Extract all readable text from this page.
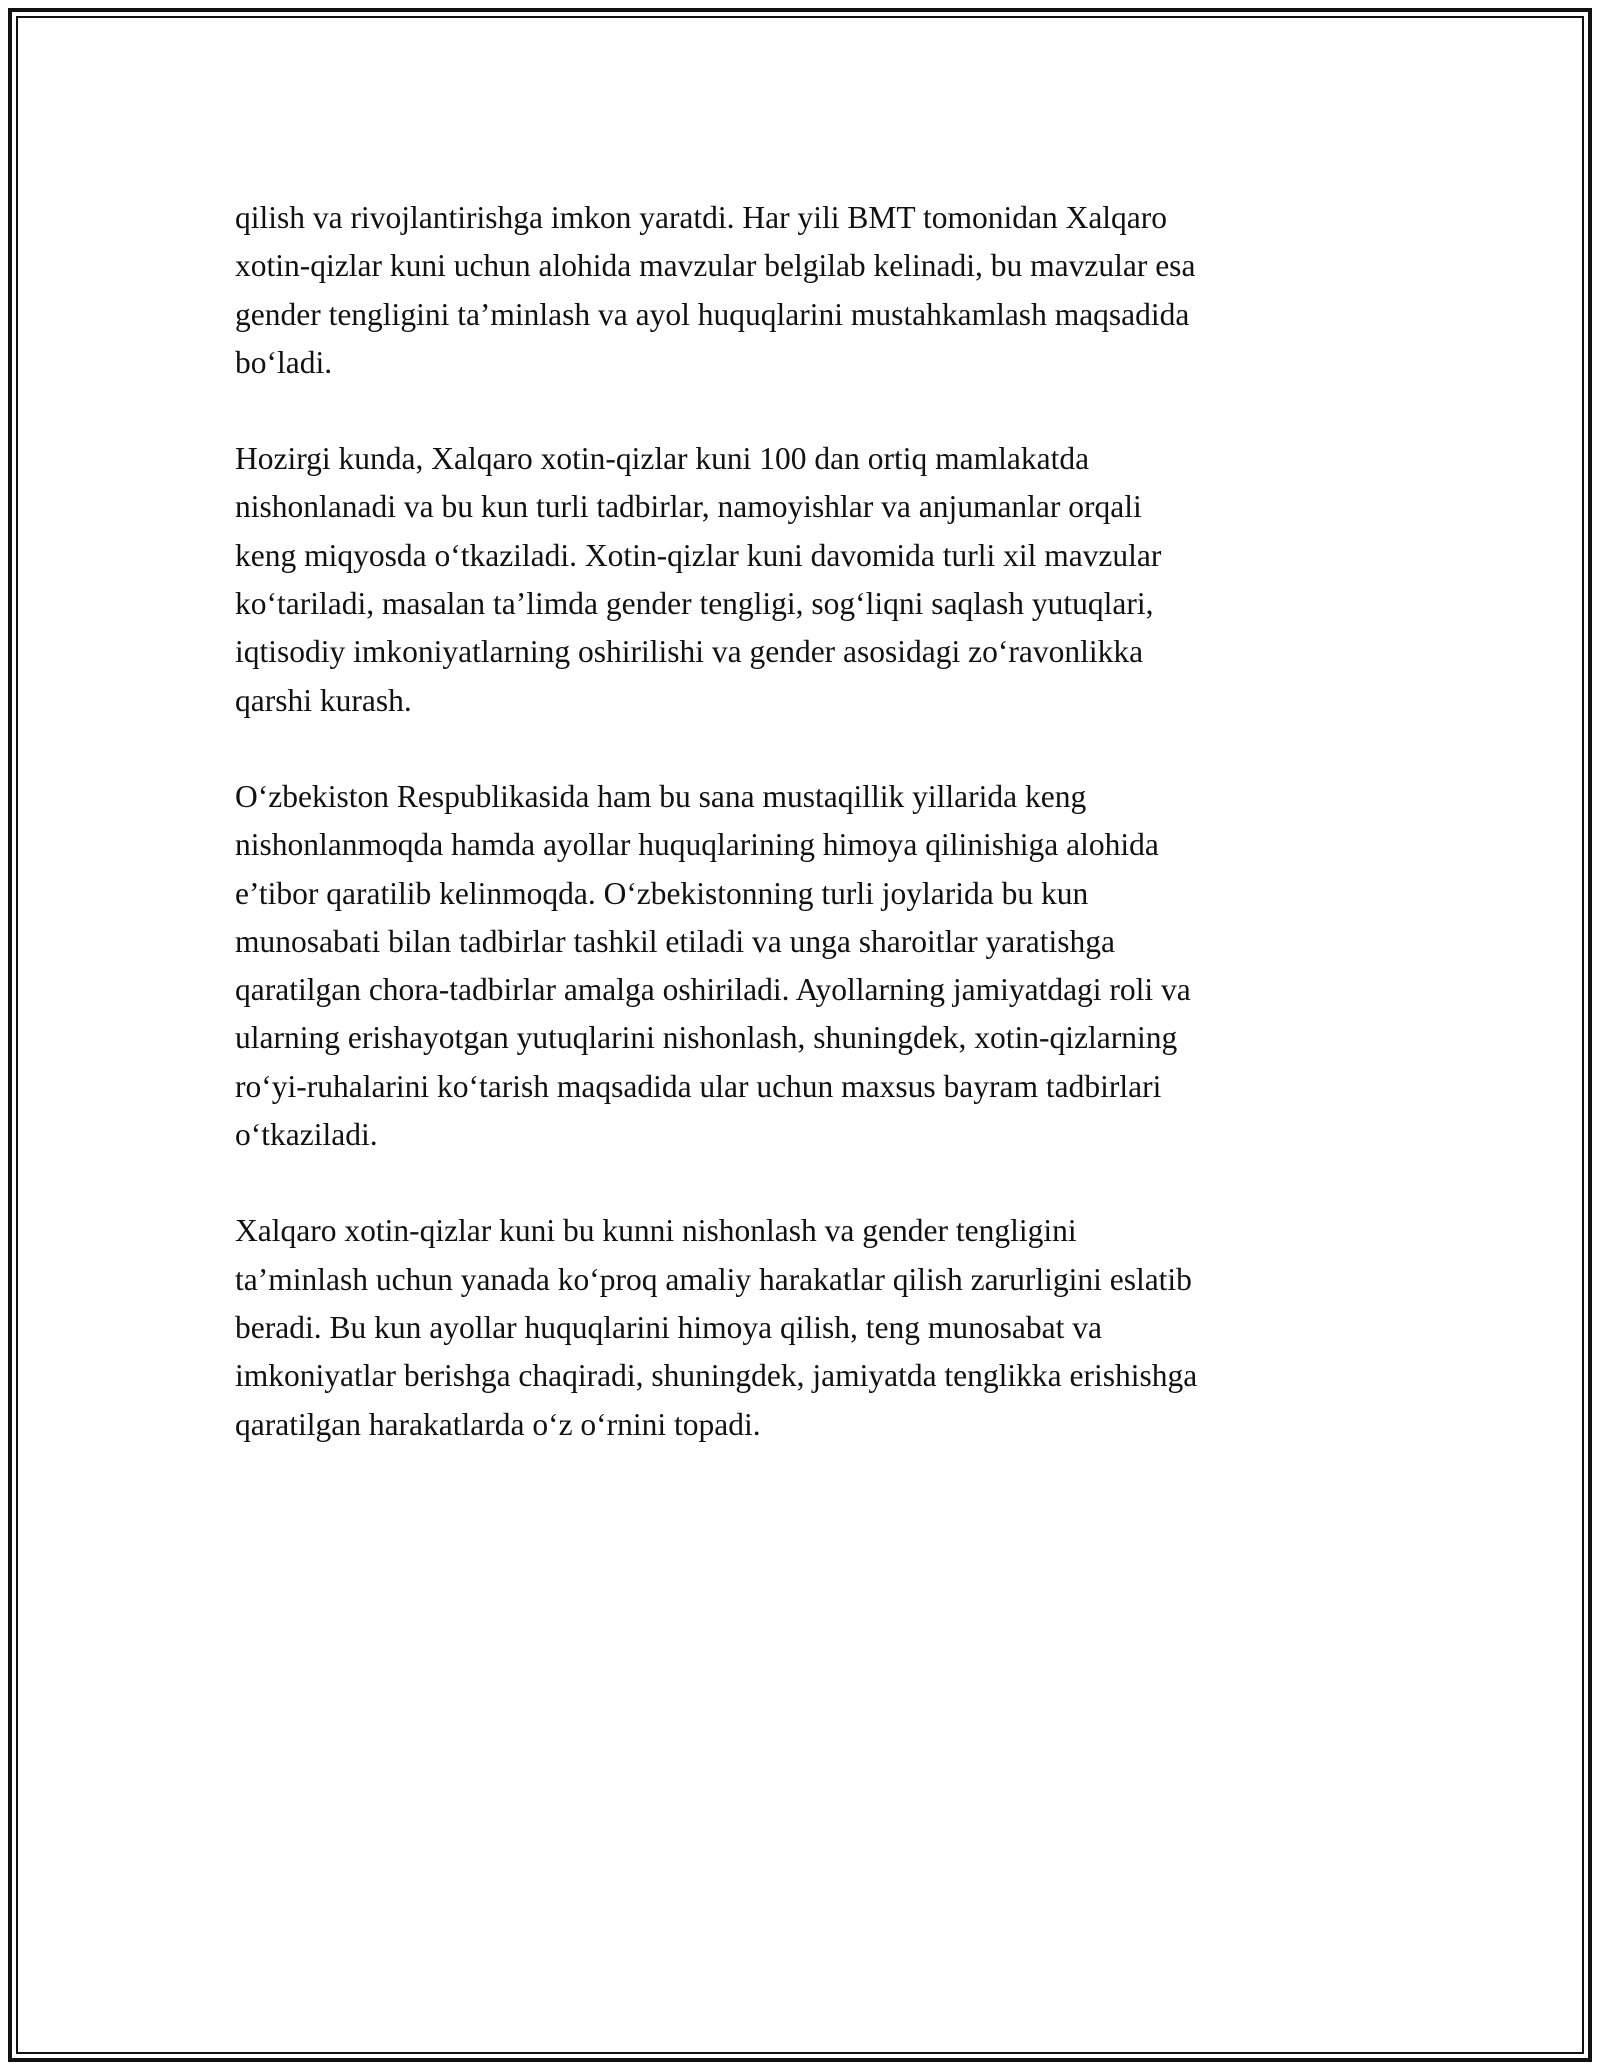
qilish va rivojlantirishga imkon yaratdi. Har yili BMT tomonidan Xalqaro
xotin-qizlar kuni uchun alohida mavzular belgilab kelinadi, bu mavzular esa
gender tengligini ta’minlash va ayol huquqlarini mustahkamlash maqsadida
bo‘ladi.

Hozirgi kunda, Xalqaro xotin-qizlar kuni 100 dan ortiq mamlakatda
nishonlanadi va bu kun turli tadbirlar, namoyishlar va anjumanlar orqali
keng miqyosda o‘tkaziladi. Xotin-qizlar kuni davomida turli xil mavzular
ko‘tariladi, masalan ta’limda gender tengligi, sog‘liqni saqlash yutuqlari,
iqtisodiy imkoniyatlarning oshirilishi va gender asosidagi zo‘ravonlikka
qarshi kurash.

O‘zbekiston Respublikasida ham bu sana mustaqillik yillarida keng
nishonlanmoqda hamda ayollar huquqlarining himoya qilinishiga alohida
e’tibor qaratilib kelinmoqda. O‘zbekistonning turli joylarida bu kun
munosabati bilan tadbirlar tashkil etiladi va unga sharoitlar yaratishga
qaratilgan chora-tadbirlar amalga oshiriladi. Ayollarning jamiyatdagi roli va
ularning erishayotgan yutuqlarini nishonlash, shuningdek, xotin-qizlarning
ro‘yi-ruhalarini ko‘tarish maqsadida ular uchun maxsus bayram tadbirlari
o‘tkaziladi.

Xalqaro xotin-qizlar kuni bu kunni nishonlash va gender tengligini
ta’minlash uchun yanada ko‘proq amaliy harakatlar qilish zarurligini eslatib
beradi. Bu kun ayollar huquqlarini himoya qilish, teng munosabat va
imkoniyatlar berishga chaqiradi, shuningdek, jamiyatda tenglikka erishishga
qaratilgan harakatlarda o‘z o‘rnini topadi.
